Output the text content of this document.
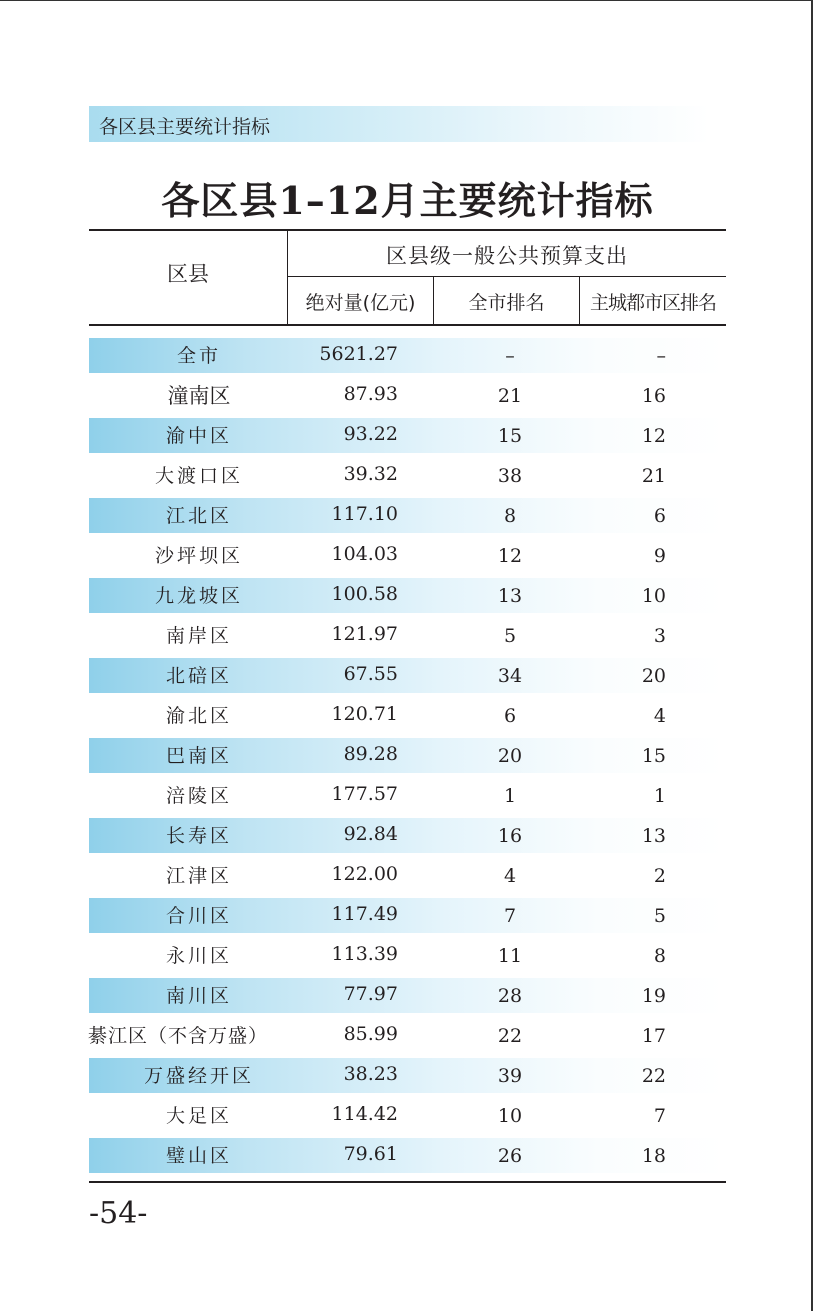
各区县主要统计指标
各区县1–12月主要统计指标
区县
区县级一般公共预算支出
绝对量(亿元)	全市排名	主城都市区排名
全市	5621.27	–	–
潼南区	87.93	21	16
渝中区	93.22	15	12
大渡口区	39.32	38	21
江北区	117.10	8	6
沙坪坝区	104.03	12	9
九龙坡区	100.58	13	10
南岸区	121.97	5	3
北碚区	67.55	34	20
渝北区	120.71	6	4
巴南区	89.28	20	15
涪陵区	177.57	1	1
长寿区	92.84	16	13
江津区	122.00	4	2
合川区	117.49	7	5
永川区	113.39	11	8
南川区	77.97	28	19
綦江区（不含万盛）	85.99	22	17
万盛经开区	38.23	39	22
大足区	114.42	10	7
璧山区	79.61	26	18
-54-
